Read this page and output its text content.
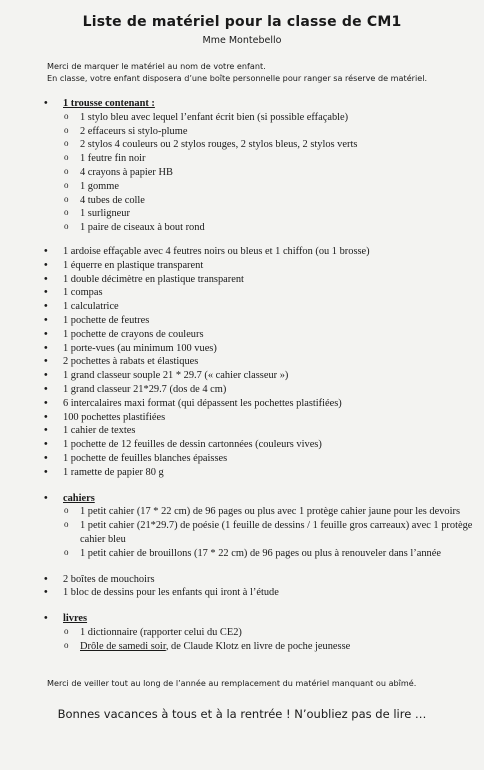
Liste de matériel pour la classe de CM1
Mme Montebello
Merci de marquer le matériel au nom de votre enfant.
En classe, votre enfant disposera d’une boîte personnelle pour ranger sa réserve de matériel.
• 1 trousse contenant :
o 1 stylo bleu avec lequel l’enfant écrit bien (si possible effaçable)
o 2 effaceurs si stylo-plume
o 2 stylos 4 couleurs ou 2 stylos rouges, 2 stylos bleus, 2 stylos verts
o 1 feutre fin noir
o 4 crayons à papier HB
o 1 gomme
o 4 tubes de colle
o 1 surligneur
o 1 paire de ciseaux à bout rond
• 1 ardoise effaçable avec 4 feutres noirs ou bleus et 1 chiffon (ou 1 brosse)
• 1 équerre en plastique transparent
• 1 double décimètre en plastique transparent
• 1 compas
• 1 calculatrice
• 1 pochette de feutres
• 1 pochette de crayons de couleurs
• 1 porte-vues (au minimum 100 vues)
• 2 pochettes à rabats et élastiques
• 1 grand classeur souple 21 * 29.7 (« cahier classeur »)
• 1 grand classeur 21*29.7 (dos de 4 cm)
• 6 intercalaires maxi format (qui dépassent les pochettes plastifiées)
• 100 pochettes plastifiées
• 1 cahier de textes
• 1 pochette de 12 feuilles de dessin cartonnées (couleurs vives)
• 1 pochette de feuilles blanches épaisses
• 1 ramette de papier 80 g
• cahiers
o 1 petit cahier (17 * 22 cm) de 96 pages ou plus avec 1 protège cahier jaune pour les devoirs
o 1 petit cahier (21*29.7) de poésie (1 feuille de dessins / 1 feuille gros carreaux) avec 1 protège cahier bleu
o 1 petit cahier de brouillons (17 * 22 cm) de 96 pages ou plus à renouveler dans l’année
• 2 boîtes de mouchoirs
• 1 bloc de dessins pour les enfants qui iront à l’étude
• livres
o 1 dictionnaire (rapporter celui du CE2)
o Drôle de samedi soir, de Claude Klotz en livre de poche jeunesse
Merci de veiller tout au long de l’année au remplacement du matériel manquant ou abîmé.
Bonnes vacances à tous et à la rentrée ! N’oubliez pas de lire …
